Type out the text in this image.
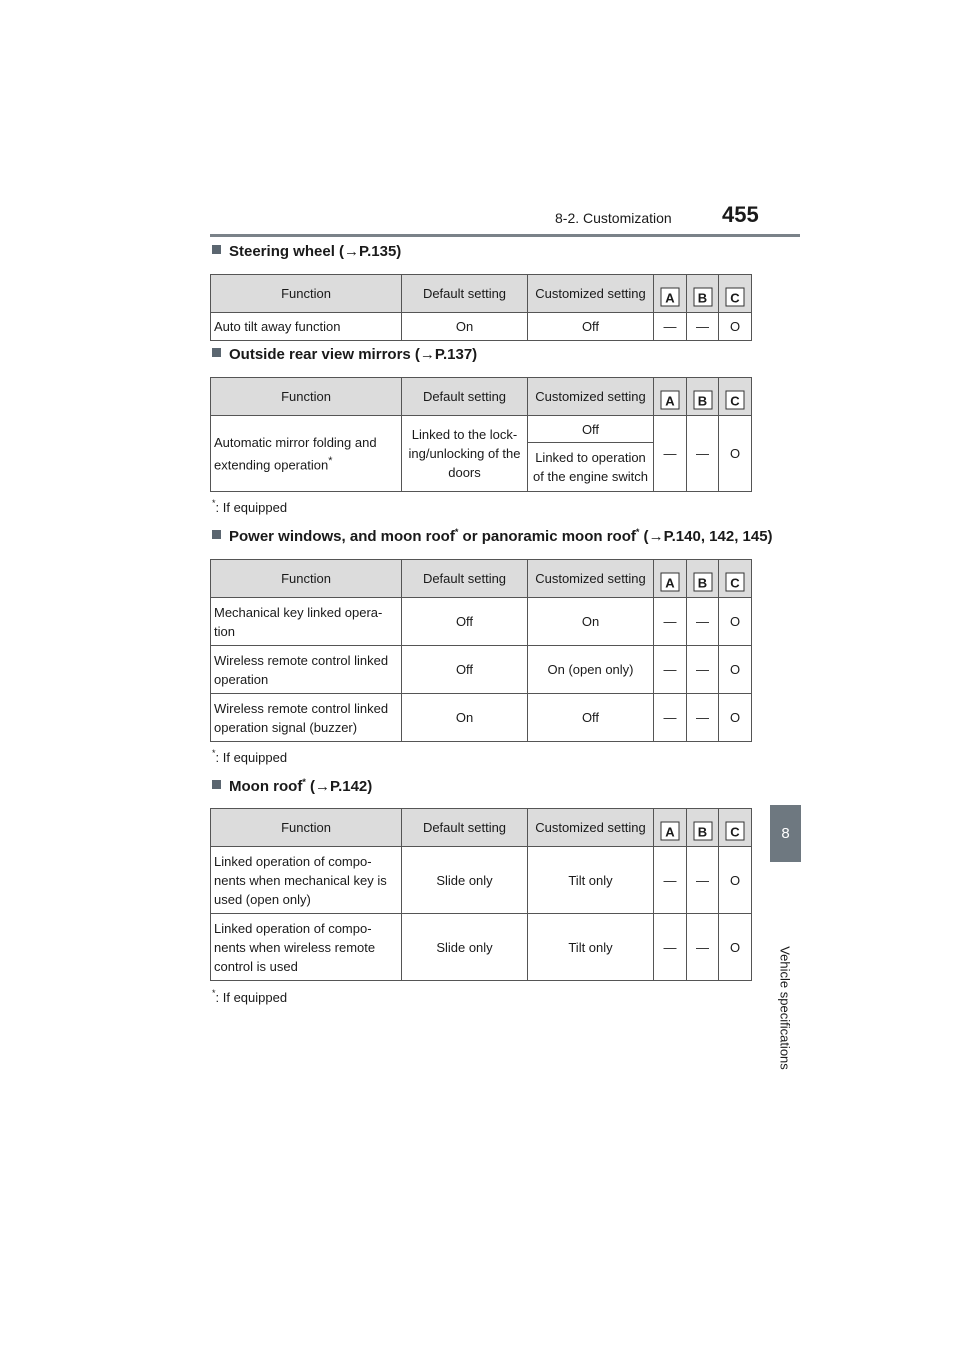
8-2. Customization 455
8
Vehicle specifications
Steering wheel (→P.135)
Function	Default setting	Customized setting	A	B	C

Auto tilt away function	On	Off	—	—	O
Outside rear view mirrors (→P.137)
Function	Default setting	Customized setting	A	B	C

Automatic mirror folding and extending operation*	Linked to the lock-ing/unlocking of the doors	Off	—	—	O
		Linked to operation of the engine switch			
*: If equipped
Power windows, and moon roof* or panoramic moon roof* (→P.140, 142, 145)
Function	Default setting	Customized setting	A	B	C

Mechanical key linked opera-tion	Off	On	—	—	O
Wireless remote control linked operation	Off	On (open only)	—	—	O
Wireless remote control linked operation signal (buzzer)	On	Off	—	—	O
*: If equipped
Moon roof* (→P.142)
Function	Default setting	Customized setting	A	B	C

Linked operation of compo-nents when mechanical key is used (open only)	Slide only	Tilt only	—	—	O
Linked operation of compo-nents when wireless remote control is used	Slide only	Tilt only	—	—	O
*: If equipped
